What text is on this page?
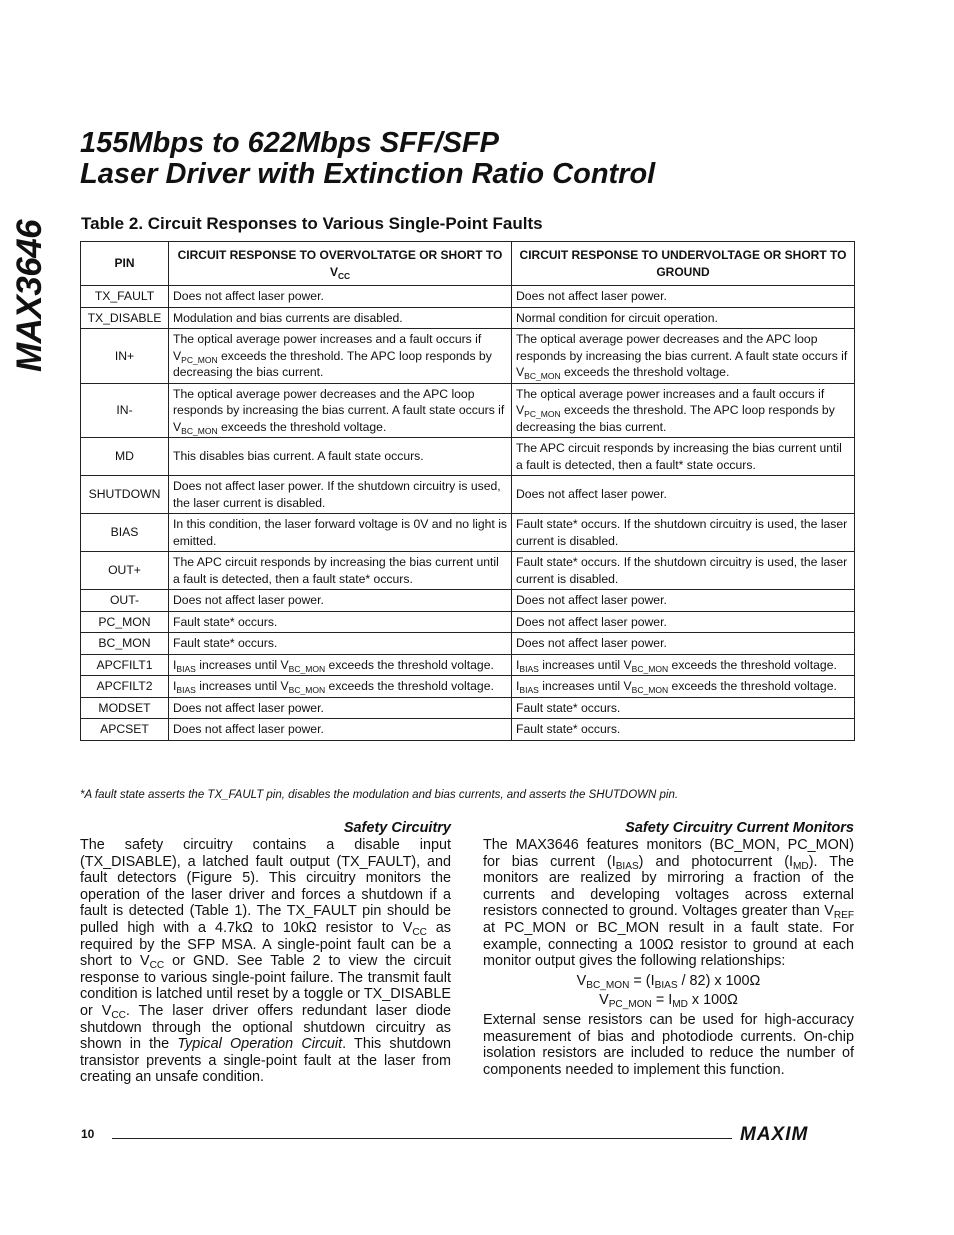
MAX3646
155Mbps to 622Mbps SFF/SFP
Laser Driver with Extinction Ratio Control
Table 2. Circuit Responses to Various Single-Point Faults
PIN	CIRCUIT RESPONSE TO OVERVOLTATGE OR SHORT TO $V_{CC}$	CIRCUIT RESPONSE TO UNDERVOLTAGE OR SHORT TO GROUND
TX_FAULT	Does not affect laser power.	Does not affect laser power.
TX_DISABLE	Modulation and bias currents are disabled.	Normal condition for circuit operation.
IN+	The optical average power increases and a fault occurs if $V_{PC\_MON}$ exceeds the threshold. The APC loop responds by decreasing the bias current.	The optical average power decreases and the APC loop responds by increasing the bias current. A fault state occurs if $V_{BC\_MON}$ exceeds the threshold voltage.
IN-	The optical average power decreases and the APC loop responds by increasing the bias current. A fault state occurs if $V_{BC\_MON}$ exceeds the threshold voltage.	The optical average power increases and a fault occurs if $V_{PC\_MON}$ exceeds the threshold. The APC loop responds by decreasing the bias current.
MD	This disables bias current. A fault state occurs.	The APC circuit responds by increasing the bias current until a fault is detected, then a fault* state occurs.
SHUTDOWN	Does not affect laser power. If the shutdown circuitry is used, the laser current is disabled.	Does not affect laser power.
BIAS	In this condition, the laser forward voltage is 0V and no light is emitted.	Fault state* occurs. If the shutdown circuitry is used, the laser current is disabled.
OUT+	The APC circuit responds by increasing the bias current until a fault is detected, then a fault state* occurs.	Fault state* occurs. If the shutdown circuitry is used, the laser current is disabled.
OUT-	Does not affect laser power.	Does not affect laser power.
PC_MON	Fault state* occurs.	Does not affect laser power.
BC_MON	Fault state* occurs.	Does not affect laser power.
APCFILT1	$I_{BIAS}$ increases until $V_{BC\_MON}$ exceeds the threshold voltage.	$I_{BIAS}$ increases until $V_{BC\_MON}$ exceeds the threshold voltage.
APCFILT2	$I_{BIAS}$ increases until $V_{BC\_MON}$ exceeds the threshold voltage.	$I_{BIAS}$ increases until $V_{BC\_MON}$ exceeds the threshold voltage.
MODSET	Does not affect laser power.	Fault state* occurs.
APCSET	Does not affect laser power.	Fault state* occurs.
*A fault state asserts the TX_FAULT pin, disables the modulation and bias currents, and asserts the SHUTDOWN pin.
Safety Circuitry

The safety circuitry contains a disable input (TX_DISABLE), a latched fault output (TX_FAULT), and fault detectors (Figure 5). This circuitry monitors the operation of the laser driver and forces a shutdown if a fault is detected (Table 1). The TX_FAULT pin should be pulled high with a 4.7kΩ to 10kΩ resistor to $V_{CC}$ as required by the SFP MSA. A single-point fault can be a short to $V_{CC}$ or GND. See Table 2 to view the circuit response to various single-point failure. The transmit fault condition is latched until reset by a toggle or TX_DISABLE or $V_{CC}$. The laser driver offers redundant laser diode shutdown through the optional shutdown circuitry as shown in the Typical Operation Circuit. This shutdown transistor prevents a single-point fault at the laser from creating an unsafe condition.

Safety Circuitry Current Monitors

The MAX3646 features monitors (BC_MON, PC_MON) for bias current $(I_{BIAS})$ and photocurrent $(I_{MD})$. The monitors are realized by mirroring a fraction of the currents and developing voltages across external resistors connected to ground. Voltages greater than $V_{REF}$ at PC_MON or BC_MON result in a fault state. For example, connecting a 100Ω resistor to ground at each monitor output gives the following relationships:

$V_{BC\_MON} = (I_{BIAS} / 82)$ x 100Ω
$V_{PC\_MON} = I_{MD}$ x 100Ω

External sense resistors can be used for high-accuracy measurement of bias and photodiode currents. On-chip isolation resistors are included to reduce the number of components needed to implement this function.

10	MAXIM
